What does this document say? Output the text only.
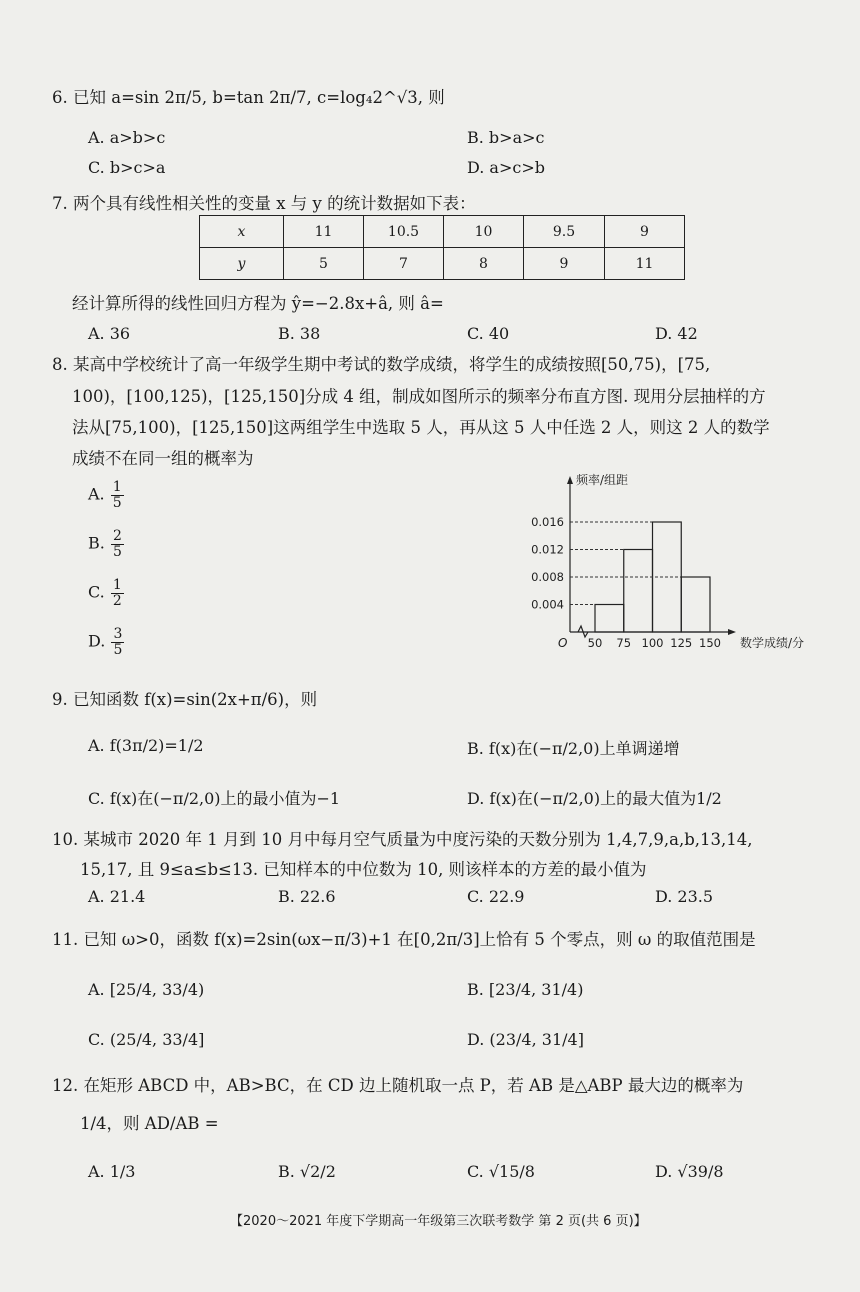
6. 已知 a=sin 2π/5, b=tan 2π/7, c=log₄2^√3, 则
A. a>b>c	B. b>a>c
C. b>c>a	D. a>c>b
7. 两个具有线性相关性的变量 x 与 y 的统计数据如下表：
x	11	10.5	10	9.5	9
y	5	7	8	9	11
经计算所得的线性回归方程为 ŷ=−2.8x+â, 则 â=
A. 36	B. 38	C. 40	D. 42
8. 某高中学校统计了高一年级学生期中考试的数学成绩，将学生的成绩按照[50,75)，[75,
100)，[100,125)，[125,150]分成 4 组，制成如图所示的频率分布直方图. 现用分层抽样的方
法从[75,100)，[125,150]这两组学生中选取 5 人，再从这 5 人中任选 2 人，则这 2 人的数学
成绩不在同一组的概率为
A. $\frac{1}{5}$
B. $\frac{2}{5}$
C. $\frac{1}{2}$
D. $\frac{3}{5}$	O
频率/组距
数学成绩/分
0.004
0.008
0.012
0.016
50 75 100 125 150
9. 已知函数 f(x)=sin(2x+π/6)，则
A. f(3π/2)=1/2	B. f(x)在(−π/2,0)上单调递增
C. f(x)在(−π/2,0)上的最小值为−1	D. f(x)在(−π/2,0)上的最大值为1/2
10. 某城市 2020 年 1 月到 10 月中每月空气质量为中度污染的天数分别为 1,4,7,9,a,b,13,14,
15,17, 且 9≤a≤b≤13. 已知样本的中位数为 10, 则该样本的方差的最小值为
A. 21.4	B. 22.6	C. 22.9	D. 23.5
11. 已知 ω>0，函数 f(x)=2sin(ωx−π/3)+1 在[0,2π/3]上恰有 5 个零点，则 ω 的取值范围是
A. [25/4, 33/4)	B. [23/4, 31/4)
C. (25/4, 33/4]	D. (23/4, 31/4]
12. 在矩形 ABCD 中，AB>BC，在 CD 边上随机取一点 P，若 AB 是△ABP 最大边的概率为
1/4，则 AD/AB =
A. 1/3	B. √2/2	C. √15/8	D. √39/8
【2020～2021 年度下学期高一年级第三次联考数学 第 2 页(共 6 页)】
